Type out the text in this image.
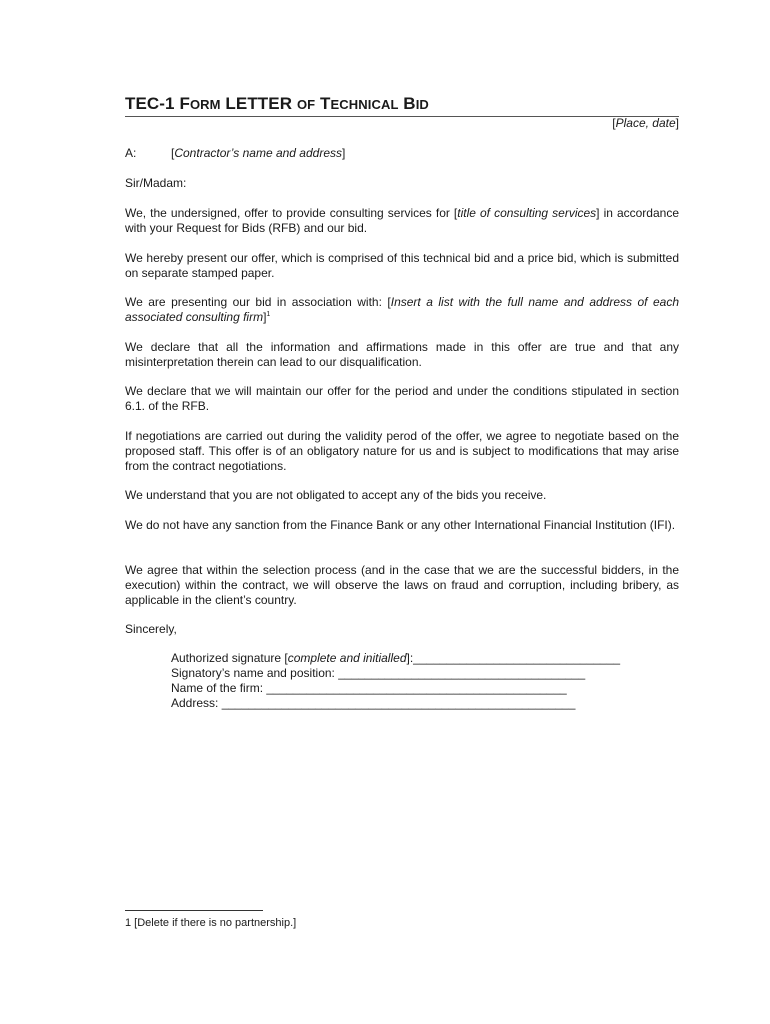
TEC-1 FORM LETTER OF TECHNICAL BID
[Place, date]
A:	[Contractor’s name and address]
Sir/Madam:
We, the undersigned, offer to provide consulting services for [title of consulting services] in accordance with your Request for Bids (RFB) and our bid.
We hereby present our offer, which is comprised of this technical bid and a price bid, which is submitted on separate stamped paper.
We are presenting our bid in association with: [Insert a list with the full name and address of each associated consulting firm]$^1$
We declare that all the information and affirmations made in this offer are true and that any misinterpretation therein can lead to our disqualification.
We declare that we will maintain our offer for the period and under the conditions stipulated in section 6.1. of the RFB.
If negotiations are carried out during the validity perod of the offer, we agree to negotiate based on the proposed staff. This offer is of an obligatory nature for us and is subject to modifications that may arise from the contract negotiations.
We understand that you are not obligated to accept any of the bids you receive.
We do not have any sanction from the Finance Bank or any other International Financial Institution (IFI).
We agree that within the selection process (and in the case that we are the successful bidders, in the execution) within the contract, we will observe the laws on fraud and corruption, including bribery, as applicable in the client’s country.
Sincerely,
Authorized signature [complete and initialled]:_______________________________
Signatory’s name and position: _____________________________________
Name of the firm: _____________________________________________
Address: _____________________________________________________
1 [Delete if there is no partnership.]
